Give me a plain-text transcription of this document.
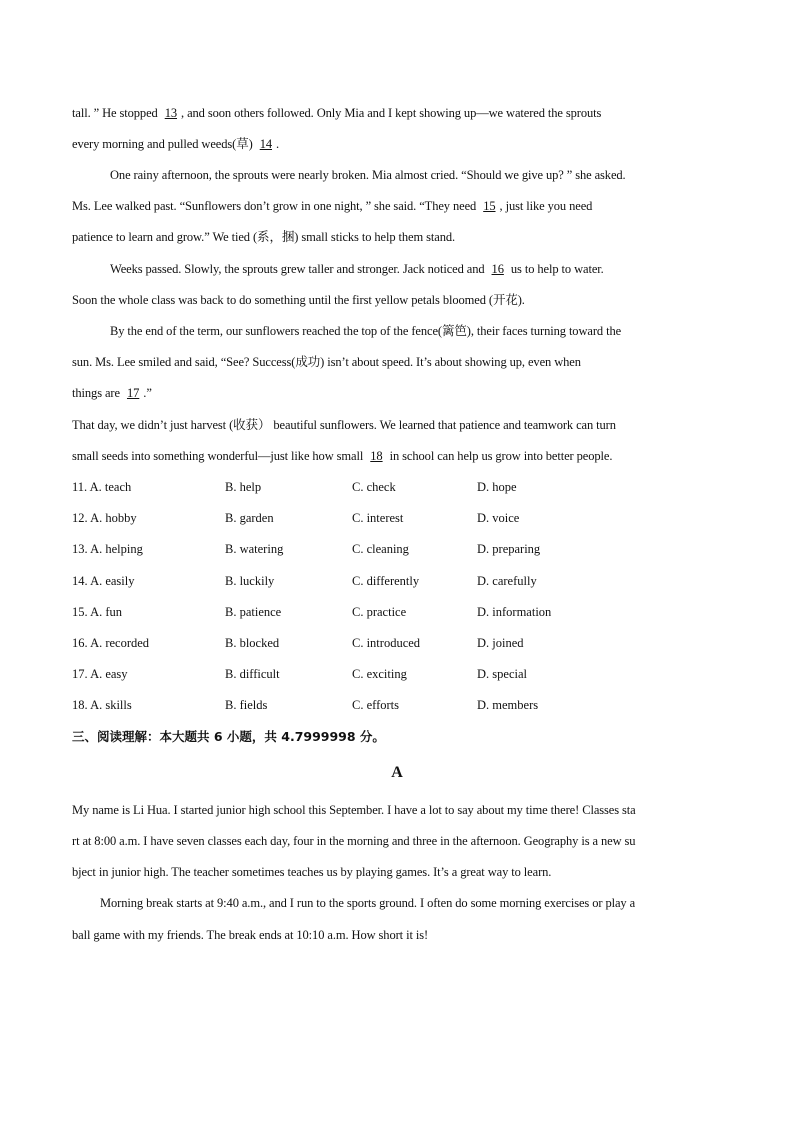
tall. ” He stopped 13 , and soon others followed. Only Mia and I kept showing up—we watered the sprouts
every morning and pulled weeds(草) 14 .
One rainy afternoon, the sprouts were nearly broken. Mia almost cried. “Should we give up? ” she asked.
Ms. Lee walked past. “Sunflowers don’t grow in one night, ” she said. “They need 15 , just like you need
patience to learn and grow.” We tied (系，捆) small sticks to help them stand.
Weeks passed. Slowly, the sprouts grew taller and stronger. Jack noticed and 16 us to help to water.
Soon the whole class was back to do something until the first yellow petals bloomed (开花).
By the end of the term, our sunflowers reached the top of the fence(篱笆), their faces turning toward the
sun. Ms. Lee smiled and said, “See? Success(成功) isn’t about speed. It’s about showing up, even when
things are 17 .”
That day, we didn’t just harvest (收获） beautiful sunflowers. We learned that patience and teamwork can turn
small seeds into something wonderful—just like how small 18 in school can help us grow into better people.
11. A. teach	B. help	C. check	D. hope
12. A. hobby	B. garden	C. interest	D. voice
13. A. helping	B. watering	C. cleaning	D. preparing
14. A. easily	B. luckily	C. differently	D. carefully
15. A. fun	B. patience	C. practice	D. information
16. A. recorded	B. blocked	C. introduced	D. joined
17. A. easy	B. difficult	C. exciting	D. special
18. A. skills	B. fields	C. efforts	D. members
三、阅读理解：本大题共 6 小题，共 4.7999998 分。
A
My name is Li Hua. I started junior high school this September. I have a lot to say about my time there! Classes sta
rt at 8:00 a.m. I have seven classes each day, four in the morning and three in the afternoon. Geography is a new su
bject in junior high. The teacher sometimes teaches us by playing games. It’s a great way to learn.
Morning break starts at 9:40 a.m., and I run to the sports ground. I often do some morning exercises or play a
ball game with my friends. The break ends at 10:10 a.m. How short it is!
